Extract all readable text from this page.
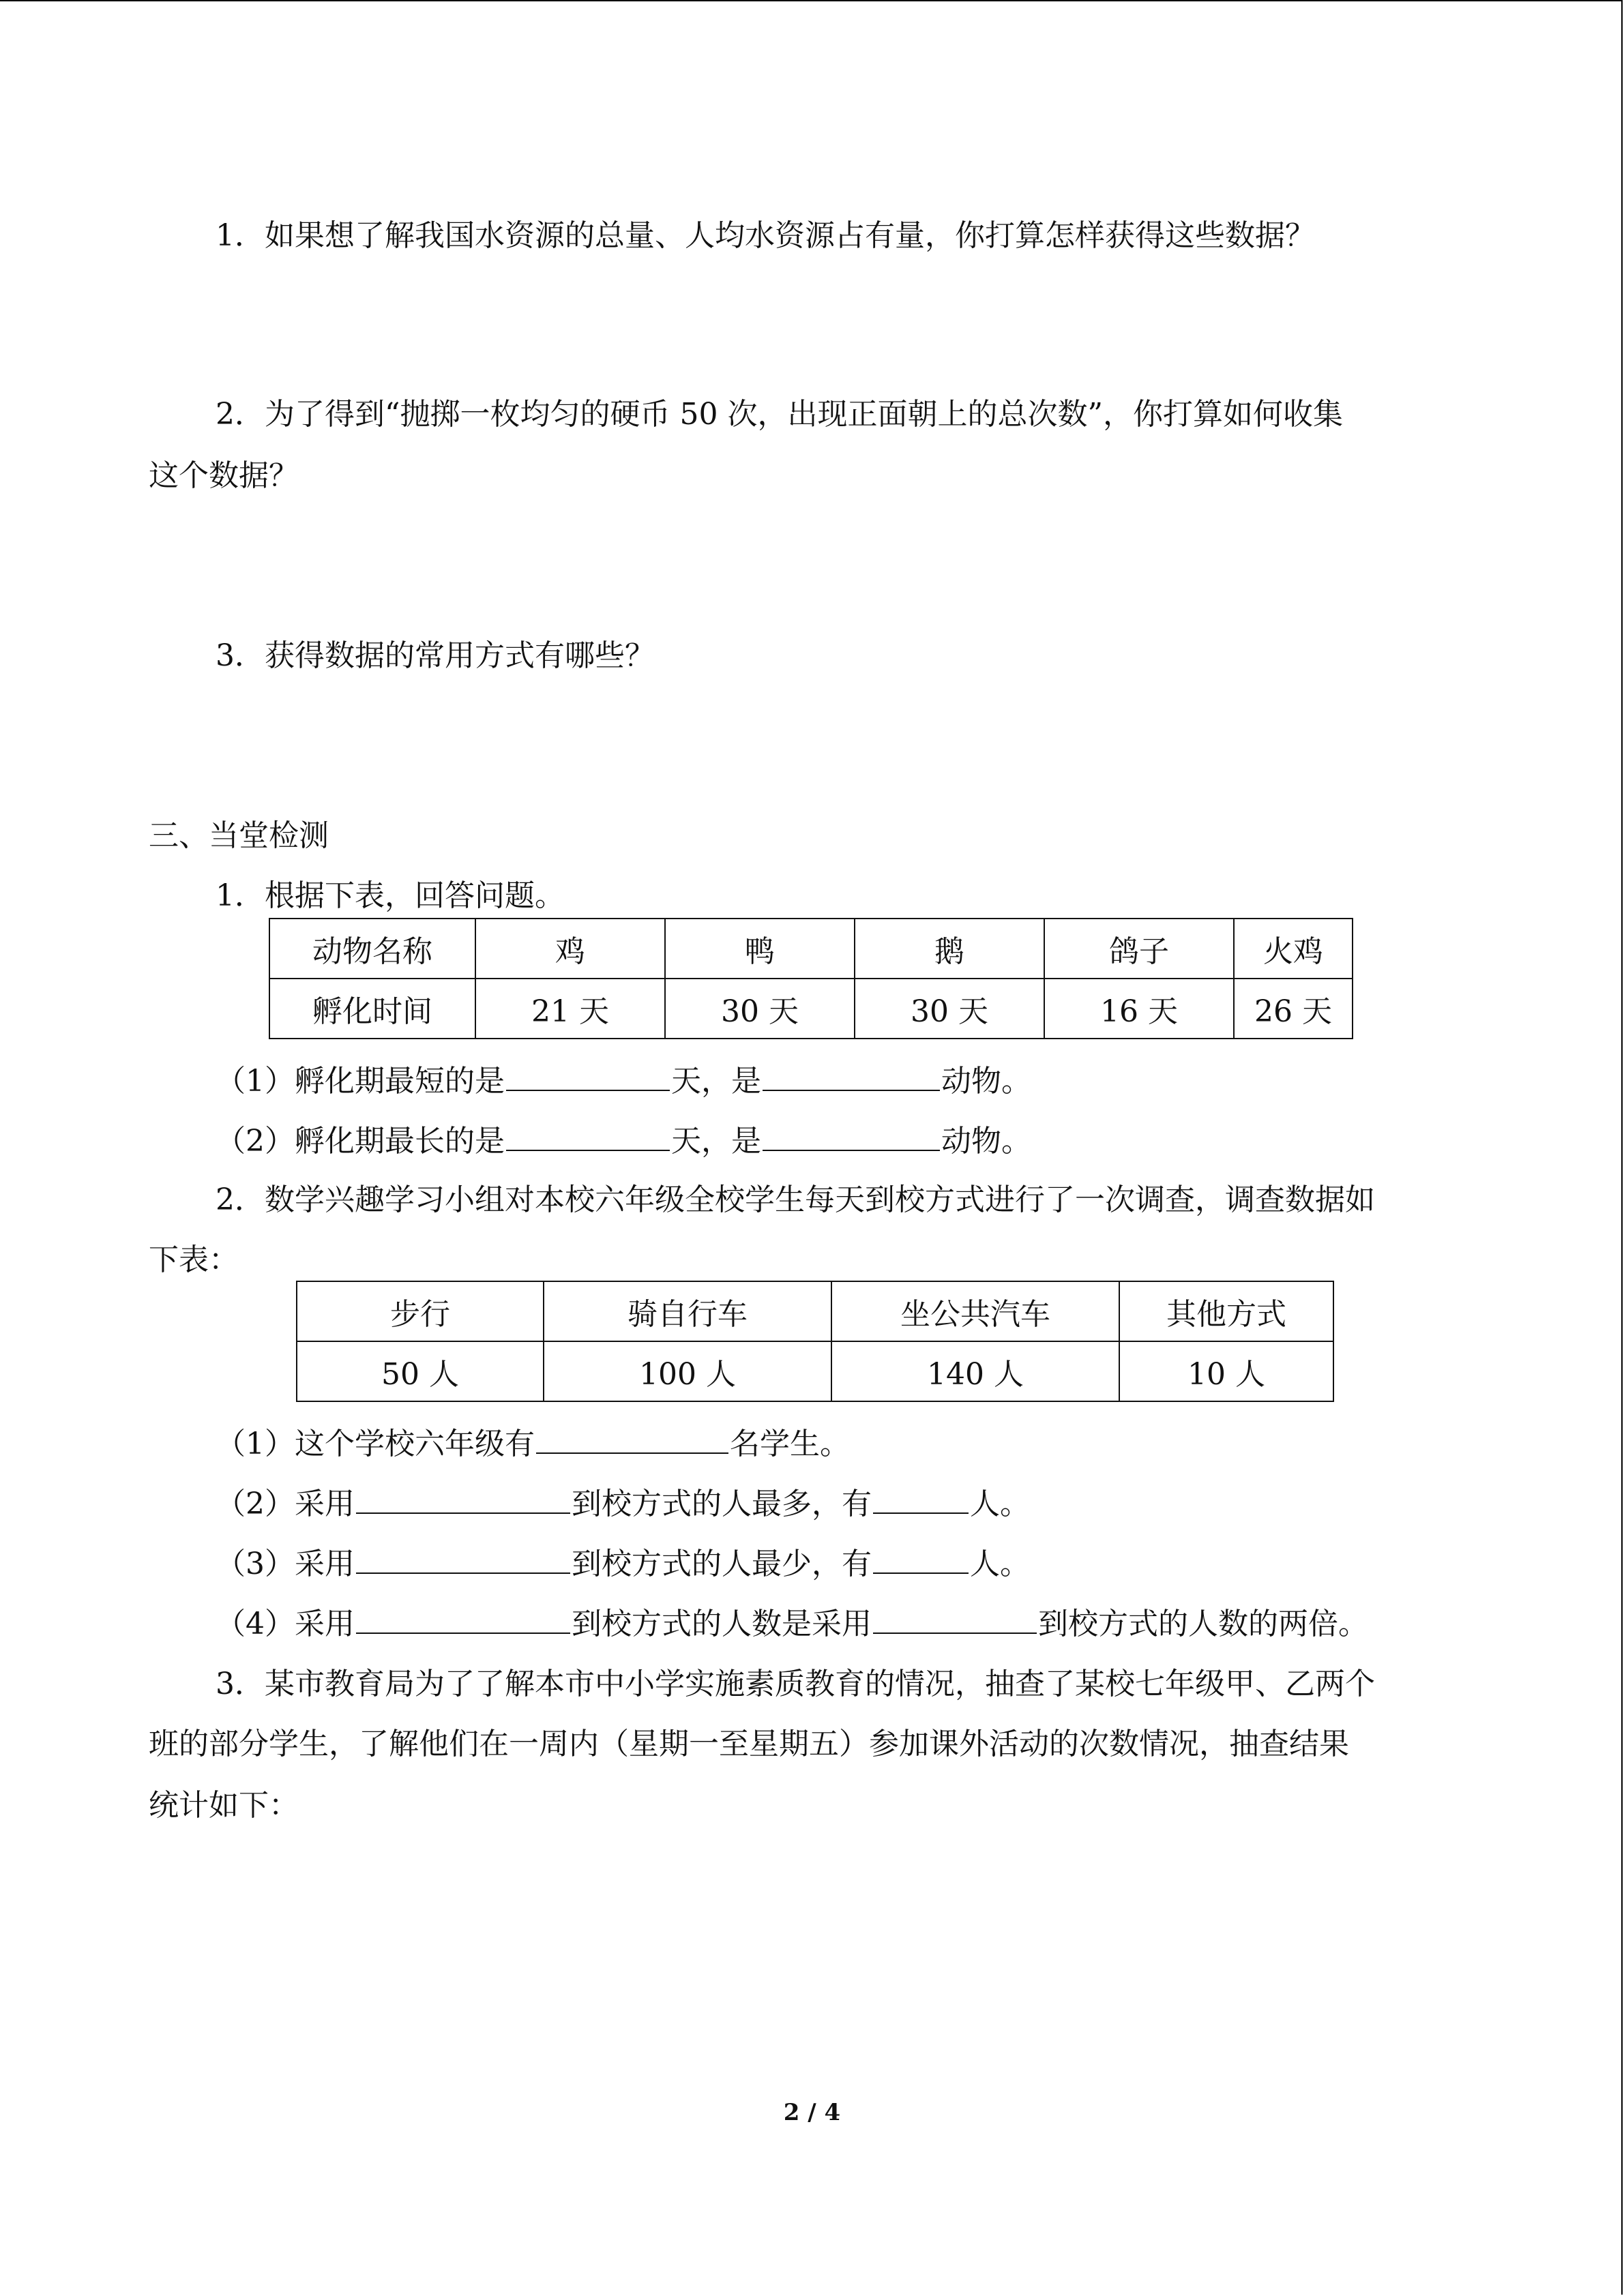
1．如果想了解我国水资源的总量、人均水资源占有量，你打算怎样获得这些数据？
2．为了得到“抛掷一枚均匀的硬币 50 次，出现正面朝上的总次数”，你打算如何收集
这个数据？
3．获得数据的常用方式有哪些？
三、当堂检测
1．根据下表，回答问题。
动物名称	鸡	鸭	鹅	鸽子	火鸡
孵化时间	21 天	30 天	30 天	16 天	26 天
（1）孵化期最短的是	天，是	动物。
（2）孵化期最长的是	天，是	动物。
2．数学兴趣学习小组对本校六年级全校学生每天到校方式进行了一次调查，调查数据如
下表：
步行	骑自行车	坐公共汽车	其他方式
50 人	100 人	140 人	10 人
（1）这个学校六年级有	名学生。
（2）采用	到校方式的人最多，有	人。
（3）采用	到校方式的人最少，有	人。
（4）采用	到校方式的人数是采用	到校方式的人数的两倍。
3．某市教育局为了了解本市中小学实施素质教育的情况，抽查了某校七年级甲、乙两个
班的部分学生，了解他们在一周内（星期一至星期五）参加课外活动的次数情况，抽查结果
统计如下：
2 / 4
